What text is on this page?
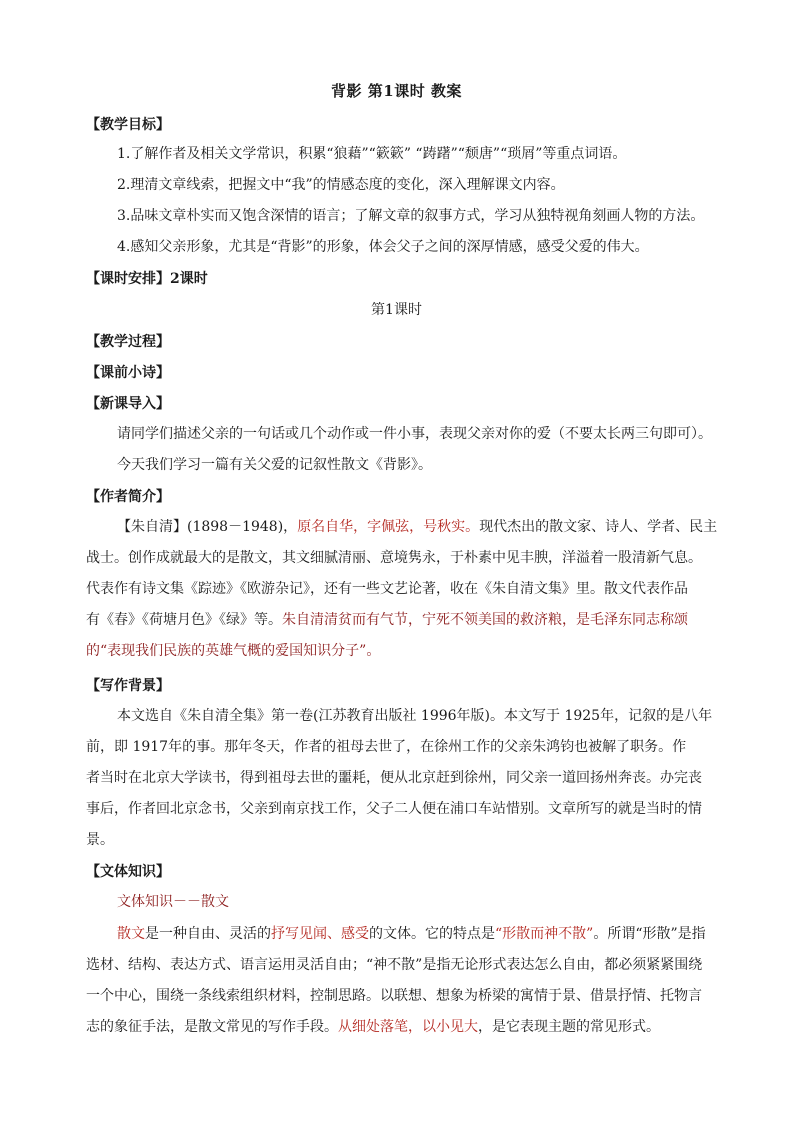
背影 第1课时 教案
【教学目标】
1.了解作者及相关文学常识，积累“狼藉”“簌簌” “踌躇”“颓唐”“琐屑”等重点词语。
2.理清文章线索，把握文中“我”的情感态度的变化，深入理解课文内容。
3.品味文章朴实而又饱含深情的语言；了解文章的叙事方式，学习从独特视角刻画人物的方法。
4.感知父亲形象，尤其是“背影”的形象，体会父子之间的深厚情感，感受父爱的伟大。
【课时安排】2课时
第1课时
【教学过程】
【课前小诗】
【新课导入】
请同学们描述父亲的一句话或几个动作或一件小事，表现父亲对你的爱（不要太长两三句即可）。
今天我们学习一篇有关父爱的记叙性散文《背影》。
【作者简介】
【朱自清】(1898－1948)，原名自华，字佩弦，号秋实。现代杰出的散文家、诗人、学者、民主
战士。创作成就最大的是散文，其文细腻清丽、意境隽永，于朴素中见丰腴，洋溢着一股清新气息。
代表作有诗文集《踪迹》《欧游杂记》，还有一些文艺论著，收在《朱自清文集》里。散文代表作品
有《春》《荷塘月色》《绿》等。朱自清清贫而有气节，宁死不领美国的救济粮，是毛泽东同志称颂
的“表现我们民族的英雄气概的爱国知识分子”。
【写作背景】
本文选自《朱自清全集》第一卷(江苏教育出版社 1996年版)。本文写于 1925年，记叙的是八年
前，即 1917年的事。那年冬天，作者的祖母去世了，在徐州工作的父亲朱鸿钧也被解了职务。作
者当时在北京大学读书，得到祖母去世的噩耗，便从北京赶到徐州，同父亲一道回扬州奔丧。办完丧
事后，作者回北京念书，父亲到南京找工作，父子二人便在浦口车站惜别。文章所写的就是当时的情
景。
【文体知识】
文体知识－－散文
散文是一种自由、灵活的抒写见闻、感受的文体。它的特点是“形散而神不散”。所谓“形散”是指
选材、结构、表达方式、语言运用灵活自由；“神不散”是指无论形式表达怎么自由，都必须紧紧围绕
一个中心，围绕一条线索组织材料，控制思路。以联想、想象为桥梁的寓情于景、借景抒情、托物言
志的象征手法，是散文常见的写作手段。从细处落笔，以小见大，是它表现主题的常见形式。
